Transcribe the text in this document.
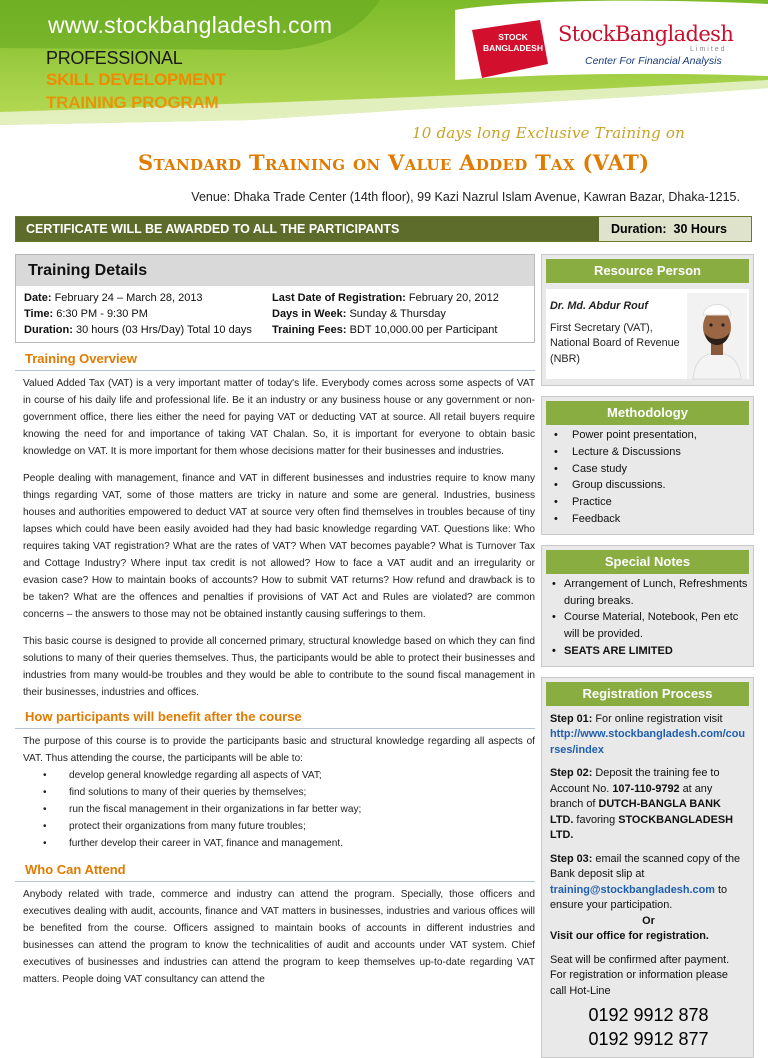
www.stockbangladesh.com
PROFESSIONAL
SKILL DEVELOPMENT
TRAINING PROGRAM
STOCK BANGLADESH
StockBangladesh
Limited
Center For Financial Analysis
10 days long Exclusive Training on
Standard Training on Value Added Tax (VAT)
Venue: Dhaka Trade Center (14th floor), 99 Kazi Nazrul Islam Avenue, Kawran Bazar, Dhaka-1215.
CERTIFICATE WILL BE AWARDED TO ALL THE PARTICIPANTS	Duration: 30 Hours
Training Details
Date: February 24 – March 28, 2013	Last Date of Registration: February 20, 2012
Time: 6:30 PM - 9:30 PM	Days in Week: Sunday & Thursday
Duration: 30 hours (03 Hrs/Day) Total 10 days	Training Fees: BDT 10,000.00 per Participant
Training Overview

Valued Added Tax (VAT) is a very important matter of today's life. Everybody comes across some aspects of VAT in course of his daily life and professional life. Be it an industry or any business house or any government or non-government office, there lies either the need for paying VAT or deducting VAT at source. All retail buyers require knowing the need for and importance of taking VAT Chalan. So, it is important for everyone to obtain basic knowledge on VAT. It is more important for them whose decisions matter for their businesses and industries.

People dealing with management, finance and VAT in different businesses and industries require to know many things regarding VAT, some of those matters are tricky in nature and some are general. Industries, business houses and authorities empowered to deduct VAT at source very often find themselves in troubles because of tiny lapses which could have been easily avoided had they had basic knowledge regarding VAT. Questions like: Who requires taking VAT registration? What are the rates of VAT? When VAT becomes payable? What is Turnover Tax and Cottage Industry? Where input tax credit is not allowed? How to face a VAT audit and an irregularity or evasion case? How to maintain books of accounts? How to submit VAT returns? How refund and drawback is to be taken? What are the offences and penalties if provisions of VAT Act and Rules are violated? are common concerns – the answers to those may not be obtained instantly causing sufferings to them.

This basic course is designed to provide all concerned primary, structural knowledge based on which they can find solutions to many of their queries themselves. Thus, the participants would be able to protect their businesses and industries from many would-be troubles and they would be able to contribute to the sound fiscal management in their businesses, industries and offices.

How participants will benefit after the course

The purpose of this course is to provide the participants basic and structural knowledge regarding all aspects of VAT. Thus attending the course, the participants will be able to:

• develop general knowledge regarding all aspects of VAT;
• find solutions to many of their queries by themselves;
• run the fiscal management in their organizations in far better way;
• protect their organizations from many future troubles;
• further develop their career in VAT, finance and management.
Who Can Attend

Anybody related with trade, commerce and industry can attend the program. Specially, those officers and executives dealing with audit, accounts, finance and VAT matters in businesses, industries and various offices will be benefited from the course. Officers assigned to maintain books of accounts in different industries and businesses can attend the program to know the technicalities of audit and accounts under VAT system. Chief executives of businesses and industries can attend the program to keep themselves up-to-date regarding VAT matters. People doing VAT consultancy can attend the

Resource Person
Dr. Md. Abdur Rouf
First Secretary (VAT), National Board of Revenue (NBR)
Methodology
• Power point presentation,
• Lecture & Discussions
• Case study
• Group discussions.
• Practice
• Feedback
Special Notes
• Arrangement of Lunch, Refreshments during breaks.
• Course Material, Notebook, Pen etc will be provided.
• SEATS ARE LIMITED
Registration Process

Step 01: For online registration visit
http://www.stockbangladesh.com/courses/index

Step 02: Deposit the training fee to Account No. 107-110-9792 at any branch of DUTCH-BANGLA BANK LTD. favoring STOCKBANGLADESH LTD.

Step 03: email the scanned copy of the Bank deposit slip at training@stockbangladesh.com to ensure your participation.

Or

Visit our office for registration.

Seat will be confirmed after payment. For registration or information please call Hot-Line

0192 9912 878
0192 9912 877
